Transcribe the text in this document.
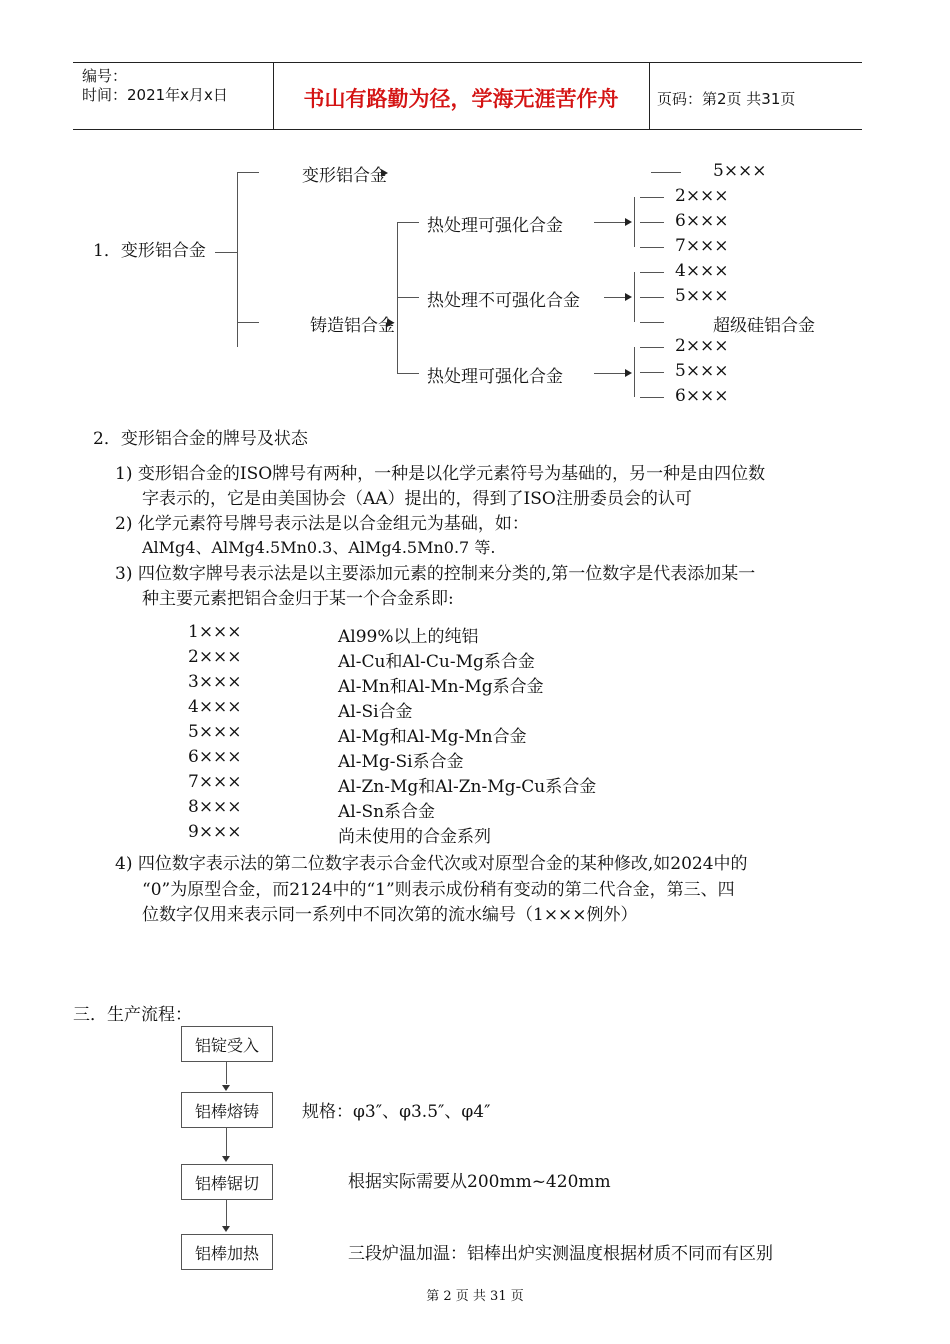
编号：
时间：2021年x月x日	书山有路勤为径，学海无涯苦作舟	页码：第2页 共31页
1．变形铝合金
变形铝合金
铸造铝合金
5×××
热处理可强化合金
热处理不可强化合金
热处理可强化合金
2×××
6×××
7×××
4×××
5×××
超级硅铝合金
2×××
5×××
6×××
2．变形铝合金的牌号及状态
1) 变形铝合金的ISO牌号有两种，一种是以化学元素符号为基础的，另一种是由四位数
字表示的，它是由美国协会（AA）提出的，得到了ISO注册委员会的认可
2) 化学元素符号牌号表示法是以合金组元为基础，如：
AlMg4、AlMg4.5Mn0.3、AlMg4.5Mn0.7 等.
3) 四位数字牌号表示法是以主要添加元素的控制来分类的,第一位数字是代表添加某一
种主要元素把铝合金归于某一个合金系即:
1×××	Al99%以上的纯铝
2×××	Al-Cu和Al-Cu-Mg系合金
3×××	Al-Mn和Al-Mn-Mg系合金
4×××	Al-Si合金
5×××	Al-Mg和Al-Mg-Mn合金
6×××	Al-Mg-Si系合金
7×××	Al-Zn-Mg和Al-Zn-Mg-Cu系合金
8×××	Al-Sn系合金
9×××	尚未使用的合金系列
4) 四位数字表示法的第二位数字表示合金代次或对原型合金的某种修改,如2024中的
“0”为原型合金，而2124中的“1”则表示成份稍有变动的第二代合金，第三、四
位数字仅用来表示同一系列中不同次第的流水编号（1×××例外）
三．生产流程：
铝锭受入
铝棒熔铸	规格：φ3″、φ3.5″、φ4″
铝棒锯切	根据实际需要从200mm~420mm
铝棒加热	三段炉温加温：铝棒出炉实测温度根据材质不同而有区别
第 2 页 共 31 页
